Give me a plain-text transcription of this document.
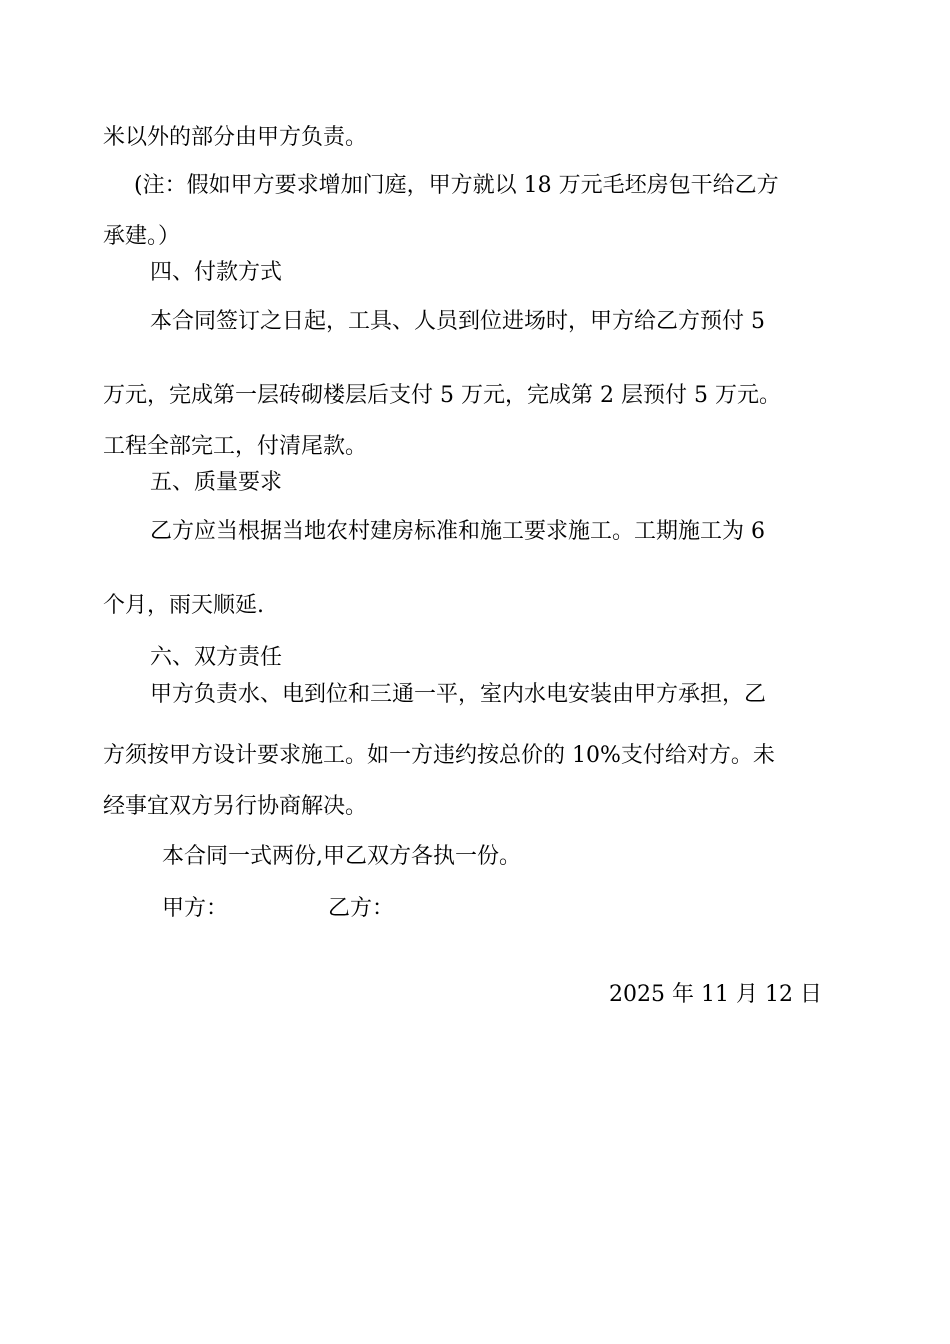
米以外的部分由甲方负责。
(注：假如甲方要求增加门庭，甲方就以 18 万元毛坯房包干给乙方
承建。）
四、付款方式
本合同签订之日起，工具、人员到位进场时，甲方给乙方预付 5
万元，完成第一层砖砌楼层后支付 5 万元，完成第 2 层预付 5 万元。
工程全部完工，付清尾款。
五、质量要求
乙方应当根据当地农村建房标准和施工要求施工。工期施工为 6
个月，雨天顺延.
六、双方责任
甲方负责水、电到位和三通一平，室内水电安装由甲方承担，乙
方须按甲方设计要求施工。如一方违约按总价的 10%支付给对方。未
经事宜双方另行协商解决。
本合同一式两份,甲乙双方各执一份。
甲方：	乙方：
2025 年 11 月 12 日
